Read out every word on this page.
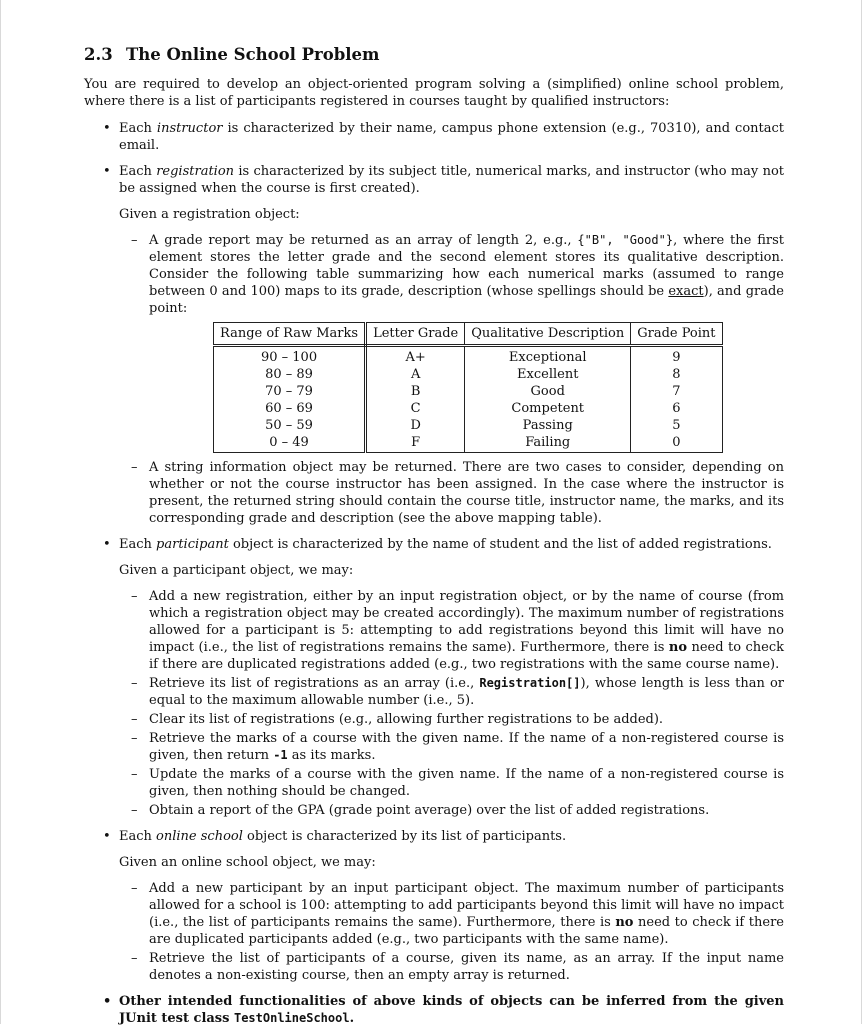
2.3 The Online School Problem

You are required to develop an object-oriented program solving a (simplified) online school problem, where there is a list of participants registered in courses taught by qualified instructors:

• Each instructor is characterized by their name, campus phone extension (e.g., 70310), and contact email.

• Each registration is characterized by its subject title, numerical marks, and instructor (who may not be assigned when the course is first created).

Given a registration object:

– A grade report may be returned as an array of length 2, e.g., {"B", "Good"}, where the first element stores the letter grade and the second element stores its qualitative description. Consider the following table summarizing how each numerical marks (assumed to range between 0 and 100) maps to its grade, description (whose spellings should be exact), and grade point:

Range of Raw Marks	Letter Grade	Qualitative Description	Grade Point
90 – 100	A+	Exceptional	9
80 – 89	A	Excellent	8
70 – 79	B	Good	7
60 – 69	C	Competent	6
50 – 59	D	Passing	5
0 – 49	F	Failing	0
– A string information object may be returned. There are two cases to consider, depending on whether or not the course instructor has been assigned. In the case where the instructor is present, the returned string should contain the course title, instructor name, the marks, and its corresponding grade and description (see the above mapping table).

• Each participant object is characterized by the name of student and the list of added registrations.

Given a participant object, we may:

– Add a new registration, either by an input registration object, or by the name of course (from which a registration object may be created accordingly). The maximum number of registrations allowed for a participant is 5: attempting to add registrations beyond this limit will have no impact (i.e., the list of registrations remains the same). Furthermore, there is no need to check if there are duplicated registrations added (e.g., two registrations with the same course name).

– Retrieve its list of registrations as an array (i.e., Registration[]), whose length is less than or equal to the maximum allowable number (i.e., 5).

– Clear its list of registrations (e.g., allowing further registrations to be added).

– Retrieve the marks of a course with the given name. If the name of a non-registered course is given, then return -1 as its marks.

– Update the marks of a course with the given name. If the name of a non-registered course is given, then nothing should be changed.

– Obtain a report of the GPA (grade point average) over the list of added registrations.

• Each online school object is characterized by its list of participants.

Given an online school object, we may:

– Add a new participant by an input participant object. The maximum number of participants allowed for a school is 100: attempting to add participants beyond this limit will have no impact (i.e., the list of participants remains the same). Furthermore, there is no need to check if there are duplicated participants added (e.g., two participants with the same name).

– Retrieve the list of participants of a course, given its name, as an array. If the input name denotes a non-existing course, then an empty array is returned.

• Other intended functionalities of above kinds of objects can be inferred from the given JUnit test class TestOnlineSchool.
